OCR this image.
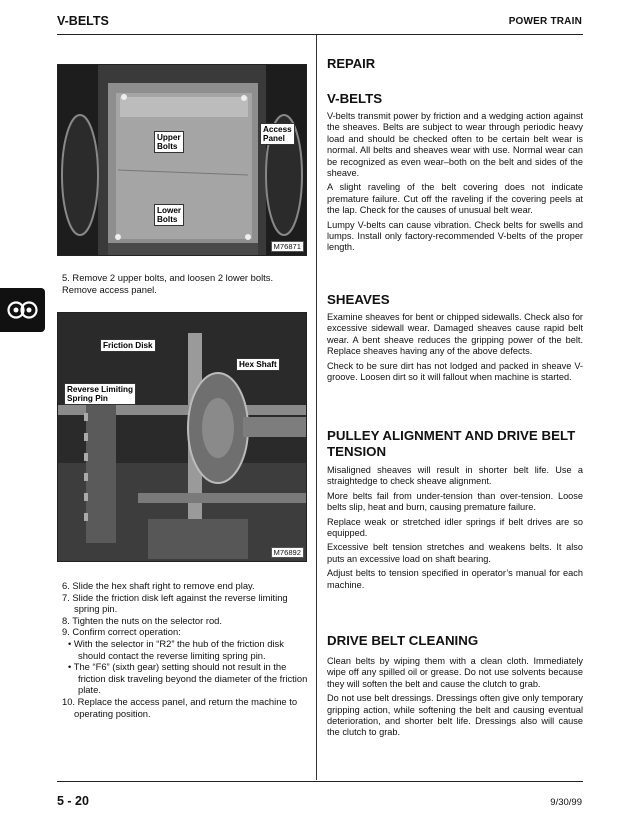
V-BELTS	POWER TRAIN
Upper
Bolts
Access
Panel
Lower
Bolts
M76871
5. Remove 2 upper bolts, and loosen 2 lower bolts.
Remove access panel.
Friction Disk
Hex Shaft
Reverse Limiting
Spring Pin
M76892

6. Slide the hex shaft right to remove end play.

7. Slide the friction disk left against the reverse limiting spring pin.

8. Tighten the nuts on the selector rod.

9. Confirm correct operation:

• With the selector in “R2” the hub of the friction disk should contact the reverse limiting spring pin.

• The “F6” (sixth gear) setting should not result in the friction disk traveling beyond the diameter of the friction plate.

10. Replace the access panel, and return the machine to operating position.

REPAIR
V-BELTS

V-belts transmit power by friction and a wedging action against the sheaves. Belts are subject to wear through periodic heavy load and should be checked often to be certain belt wear is normal. All belts and sheaves wear with use. Normal wear can be recognized as even wear–both on the belt and sides of the sheave.

A slight raveling of the belt covering does not indicate premature failure. Cut off the raveling if the covering peels at the lap. Check for the causes of unusual belt wear.

Lumpy V-belts can cause vibration. Check belts for swells and lumps. Install only factory-recommended V-belts of the proper length.

SHEAVES

Examine sheaves for bent or chipped sidewalls. Check also for excessive sidewall wear. Damaged sheaves cause rapid belt wear. A bent sheave reduces the gripping power of the belt. Replace sheaves having any of the above defects.

Check to be sure dirt has not lodged and packed in sheave V-groove. Loosen dirt so it will fallout when machine is started.

PULLEY ALIGNMENT AND DRIVE BELT TENSION

Misaligned sheaves will result in shorter belt life. Use a straightedge to check sheave alignment.

More belts fail from under-tension than over-tension. Loose belts slip, heat and burn, causing premature failure.

Replace weak or stretched idler springs if belt drives are so equipped.

Excessive belt tension stretches and weakens belts. It also puts an excessive load on shaft bearing.

Adjust belts to tension specified in operator’s manual for each machine.

DRIVE BELT CLEANING

Clean belts by wiping them with a clean cloth. Immediately wipe off any spilled oil or grease. Do not use solvents because they will soften the belt and cause the clutch to grab.

Do not use belt dressings. Dressings often give only temporary gripping action, while softening the belt and causing eventual deterioration, and shorter belt life. Dressings also will cause the clutch to grab.

5 - 20	9/30/99
